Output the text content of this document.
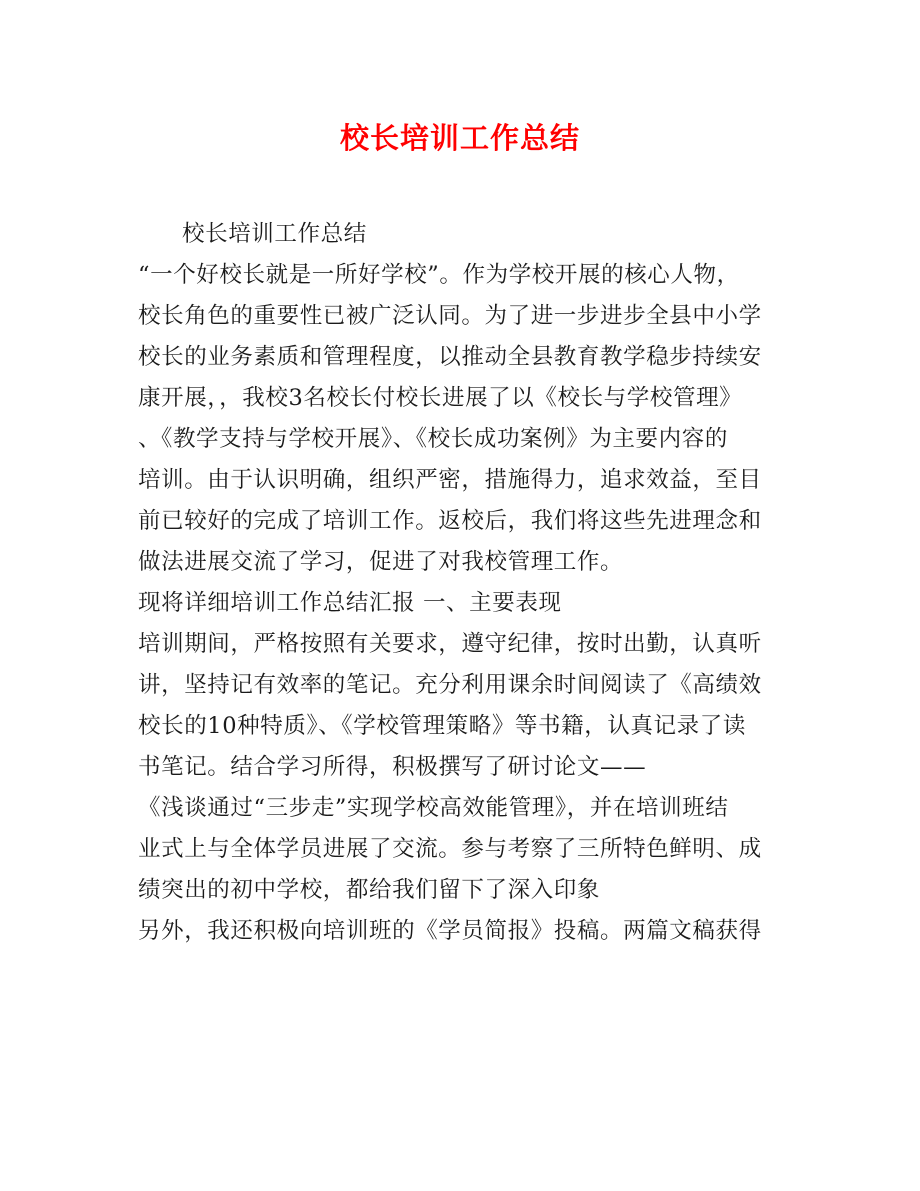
校长培训工作总结
校长培训工作总结
“一个好校长就是一所好学校”。作为学校开展的核心人物，
校长角色的重要性已被广泛认同。为了进一步进步全县中小学
校长的业务素质和管理程度，以推动全县教育教学稳步持续安
康开展，，我校3名校长付校长进展了以《校长与学校管理》
、《教学支持与学校开展》、《校长成功案例》为主要内容的
培训。由于认识明确，组织严密，措施得力，追求效益，至目
前已较好的完成了培训工作。返校后，我们将这些先进理念和
做法进展交流了学习，促进了对我校管理工作。
现将详细培训工作总结汇报 一、主要表现
培训期间，严格按照有关要求，遵守纪律，按时出勤，认真听
讲，坚持记有效率的笔记。充分利用课余时间阅读了《高绩效
校长的10种特质》、《学校管理策略》等书籍，认真记录了读
书笔记。结合学习所得，积极撰写了研讨论文——
《浅谈通过“三步走”实现学校高效能管理》，并在培训班结
业式上与全体学员进展了交流。参与考察了三所特色鲜明、成
绩突出的初中学校，都给我们留下了深入印象
另外，我还积极向培训班的《学员简报》投稿。两篇文稿获得
